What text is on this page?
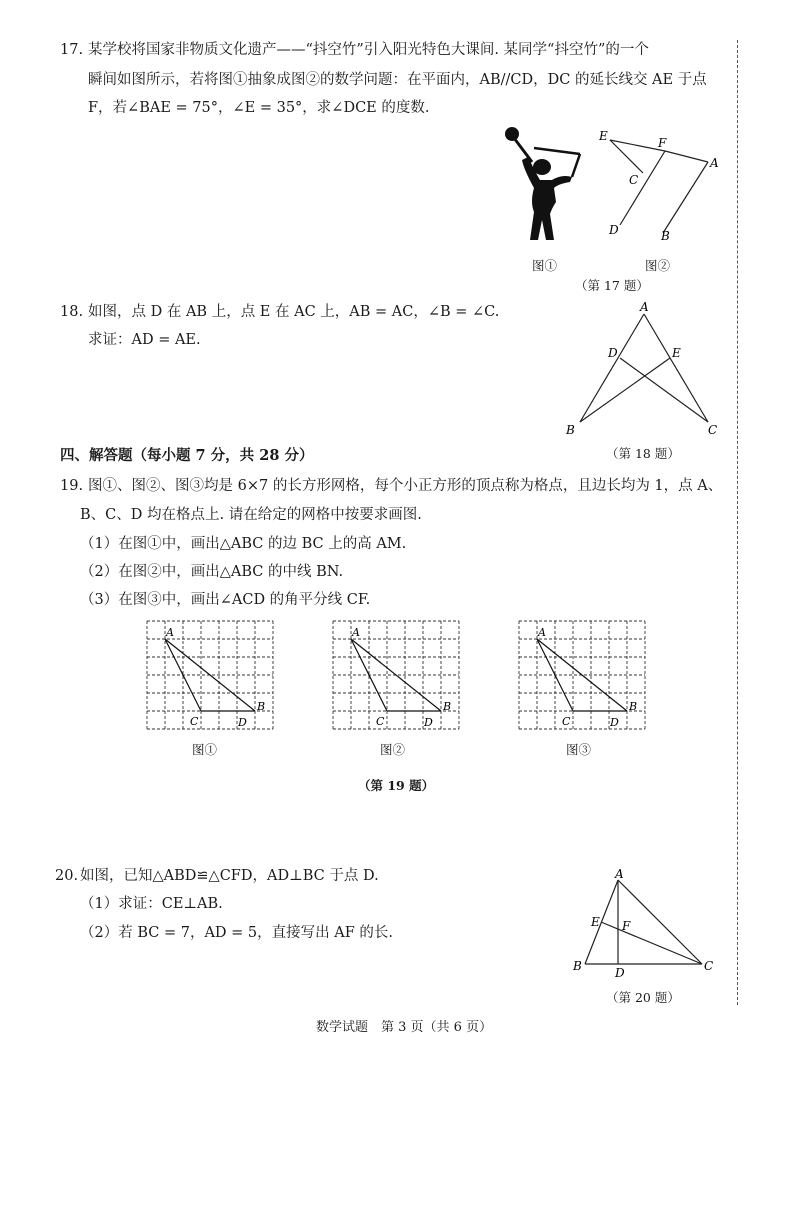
17. 某学校将国家非物质文化遗产——“抖空竹”引入阳光特色大课间. 某同学“抖空竹”的一个
瞬间如图所示，若将图①抽象成图②的数学问题：在平面内，AB//CD，DC 的延长线交 AE 于点
F，若∠BAE = 75°，∠E = 35°，求∠DCE 的度数.
图①
E	F
A
C
D	B
图②
（第 17 题）
18. 如图，点 D 在 AB 上，点 E 在 AC 上，AB = AC，∠B = ∠C.
求证：AD = AE.
A
D	E
B	C
（第 18 题）
四、解答题（每小题 7 分，共 28 分）
19. 图①、图②、图③均是 6×7 的长方形网格，每个小正方形的顶点称为格点，且边长均为 1，点 A、
B、C、D 均在格点上. 请在给定的网格中按要求画图.
（1）在图①中，画出△ABC 的边 BC 上的高 AM.
（2）在图②中，画出△ABC 的中线 BN.
（3）在图③中，画出∠ACD 的角平分线 CF.
A
B
C	D
图①
A
B
C	D
图②
A
B
C	D
图③
（第 19 题）
20. 如图，已知△ABD≌△CFD，AD⊥BC 于点 D.
（1）求证：CE⊥AB.
（2）若 BC = 7，AD = 5，直接写出 AF 的长.
A
E F
B	D	C
（第 20 题）
数学试题　第 3 页（共 6 页）
